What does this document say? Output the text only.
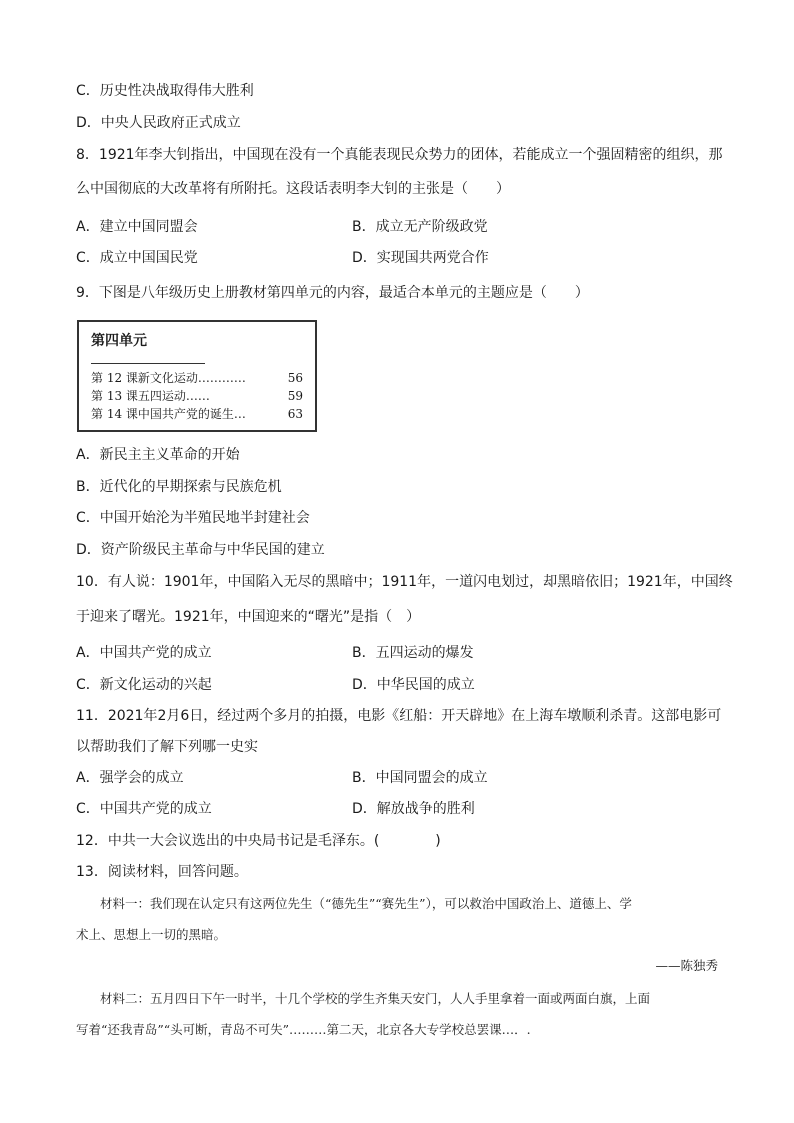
C．历史性决战取得伟大胜利
D．中央人民政府正式成立
8．1921年李大钊指出，中国现在没有一个真能表现民众势力的团体，若能成立一个强固精密的组织，那
么中国彻底的大改革将有所附托。这段话表明李大钊的主张是（　　）
A．建立中国同盟会	B．成立无产阶级政党
C．成立中国国民党	D．实现国共两党合作
9．下图是八年级历史上册教材第四单元的内容，最适合本单元的主题应是（　　）
第四单元
第 12 课新文化运动…………	56
第 13 课五四运动……	59
第 14 课中国共产党的诞生…	63
A．新民主主义革命的开始
B．近代化的早期探索与民族危机
C．中国开始沦为半殖民地半封建社会
D．资产阶级民主革命与中华民国的建立
10．有人说：1901年，中国陷入无尽的黑暗中；1911年，一道闪电划过，却黑暗依旧；1921年，中国终
于迎来了曙光。1921年，中国迎来的“曙光”是指（　）
A．中国共产党的成立	B．五四运动的爆发
C．新文化运动的兴起	D．中华民国的成立
11．2021年2月6日，经过两个多月的拍摄，电影《红船：开天辟地》在上海车墩顺利杀青。这部电影可
以帮助我们了解下列哪一史实
A．强学会的成立	B．中国同盟会的成立
C．中国共产党的成立	D．解放战争的胜利
12．中共一大会议选出的中央局书记是毛泽东。(　　　　)
13．阅读材料，回答问题。
材料一：我们现在认定只有这两位先生（“德先生”“赛先生”），可以救治中国政治上、道德上、学
术上、思想上一切的黑暗。
——陈独秀
材料二：五月四日下午一时半，十几个学校的学生齐集天安门，人人手里拿着一面或两面白旗，上面
写着“还我青岛”“头可断，青岛不可失”………第二天，北京各大专学校总罢课…．.
